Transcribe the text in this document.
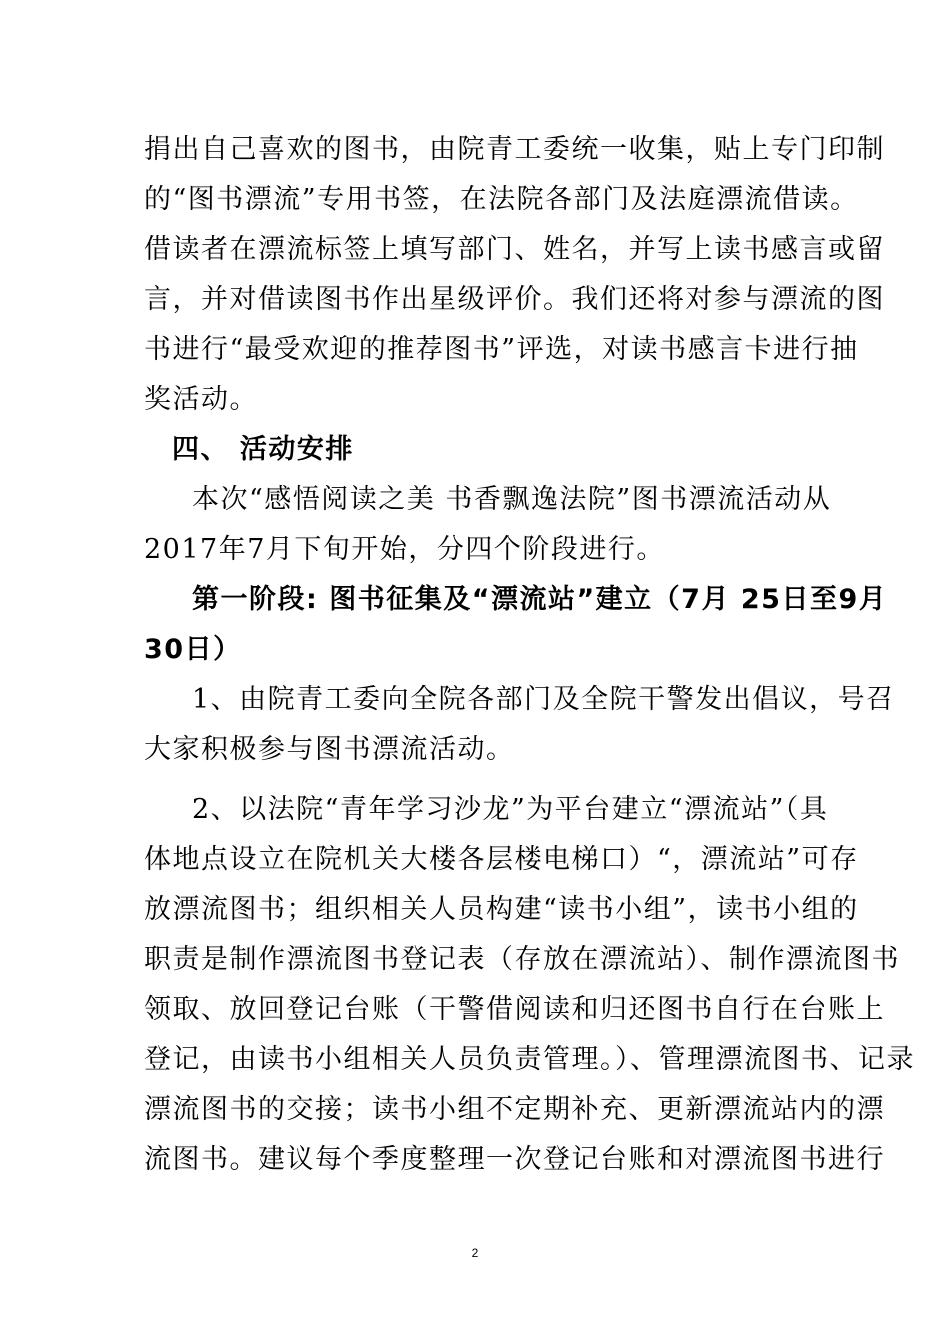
捐出自己喜欢的图书，由院青工委统一收集，贴上专门印制
的“图书漂流”专用书签，在法院各部门及法庭漂流借读。
借读者在漂流标签上填写部门、姓名，并写上读书感言或留
言，并对借读图书作出星级评价。我们还将对参与漂流的图
书进行“最受欢迎的推荐图书”评选，对读书感言卡进行抽
奖活动。
四、 活动安排
本次“感悟阅读之美 书香飘逸法院”图书漂流活动从
2017年7月下旬开始，分四个阶段进行。
第一阶段: 图书征集及“漂流站”建立（7月 25日至9月
30日）
1、由院青工委向全院各部门及全院干警发出倡议，号召
大家积极参与图书漂流活动。
2、以法院“青年学习沙龙”为平台建立“漂流站”（具
体地点设立在院机关大楼各层楼电梯口）“，漂流站”可存
放漂流图书；组织相关人员构建“读书小组”，读书小组的
职责是制作漂流图书登记表（存放在漂流站）、制作漂流图书
领取、放回登记台账（干警借阅读和归还图书自行在台账上
登记，由读书小组相关人员负责管理。）、管理漂流图书、记录
漂流图书的交接；读书小组不定期补充、更新漂流站内的漂
流图书。建议每个季度整理一次登记台账和对漂流图书进行
2
